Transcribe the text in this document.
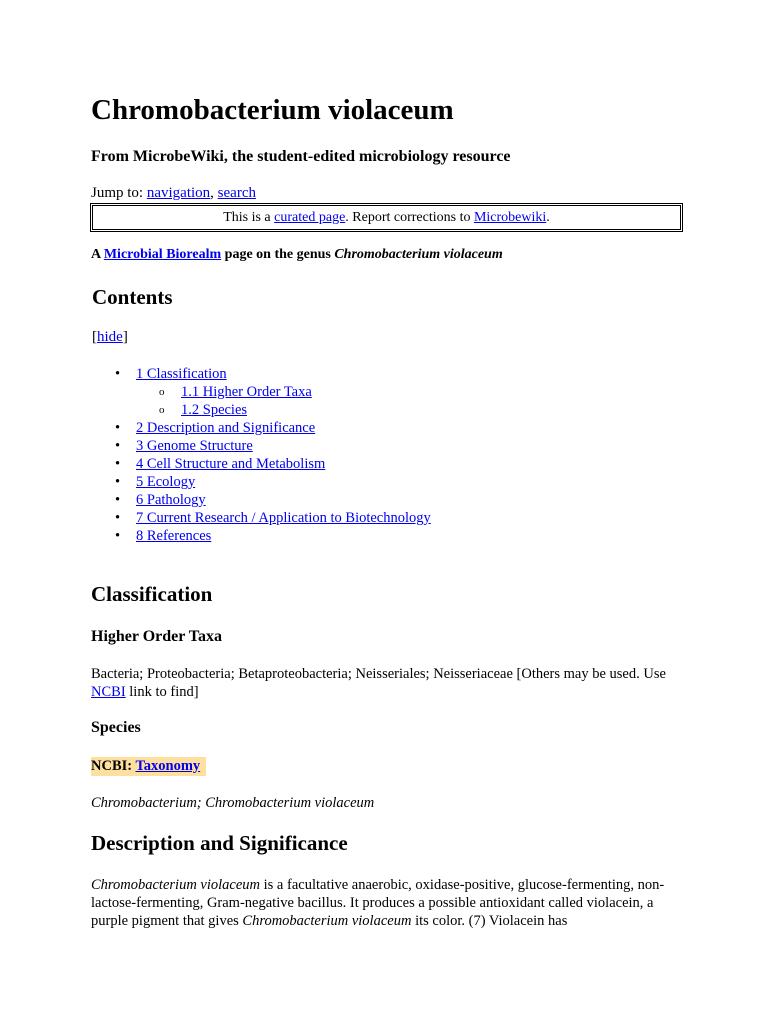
Chromobacterium violaceum
From MicrobeWiki, the student-edited microbiology resource
Jump to: navigation, search
This is a curated page. Report corrections to Microbewiki.
A Microbial Biorealm page on the genus Chromobacterium violaceum
Contents
[hide]
• 1 Classification
o 1.1 Higher Order Taxa
o 1.2 Species
• 2 Description and Significance
• 3 Genome Structure
• 4 Cell Structure and Metabolism
• 5 Ecology
• 6 Pathology
• 7 Current Research / Application to Biotechnology
• 8 References
Classification
Higher Order Taxa
Bacteria; Proteobacteria; Betaproteobacteria; Neisseriales; Neisseriaceae [Others may be used. Use NCBI link to find]
Species
NCBI: Taxonomy
Chromobacterium; Chromobacterium violaceum
Description and Significance
Chromobacterium violaceum is a facultative anaerobic, oxidase-positive, glucose-fermenting, non-lactose-fermenting, Gram-negative bacillus. It produces a possible antioxidant called violacein, a purple pigment that gives Chromobacterium violaceum its color. (7) Violacein has
